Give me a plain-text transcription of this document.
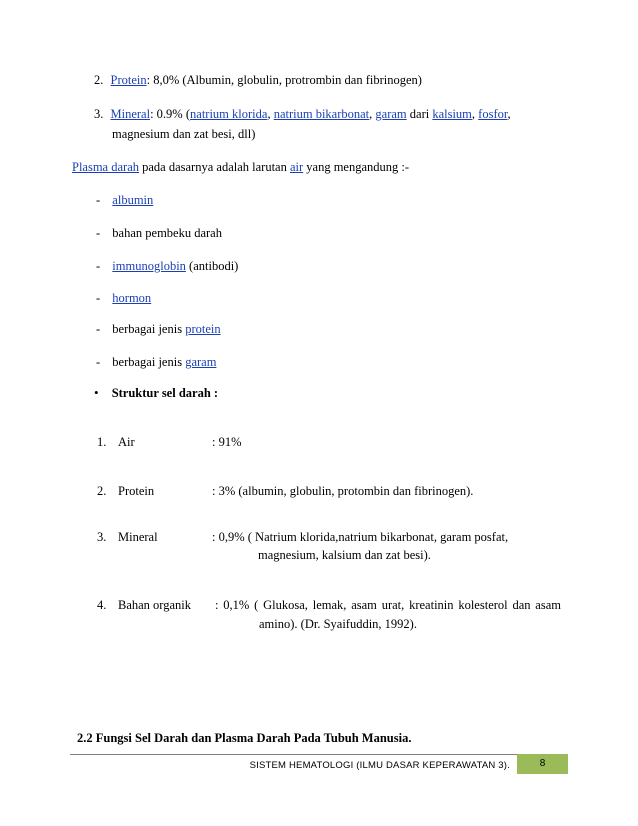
2. Protein: 8,0% (Albumin, globulin, protrombin dan fibrinogen)
3. Mineral: 0.9% (natrium klorida, natrium bikarbonat, garam dari kalsium, fosfor,
magnesium dan zat besi, dll)
Plasma darah pada dasarnya adalah larutan air yang mengandung :-
- albumin
- bahan pembeku darah
- immunoglobin (antibodi)
- hormon
- berbagai jenis protein
- berbagai jenis garam
• Struktur sel darah :
1. Air	: 91%
2. Protein	: 3% (albumin, globulin, protombin dan fibrinogen).
3. Mineral	: 0,9% ( Natrium klorida,natrium bikarbonat, garam posfat,
magnesium, kalsium dan zat besi).
4. Bahan organik : 0,1% ( Glukosa, lemak, asam urat, kreatinin kolesterol dan asam
amino). (Dr. Syaifuddin, 1992).
2.2 Fungsi Sel Darah dan Plasma Darah Pada Tubuh Manusia.
SISTEM HEMATOLOGI (ILMU DASAR KEPERAWATAN 3).	8
